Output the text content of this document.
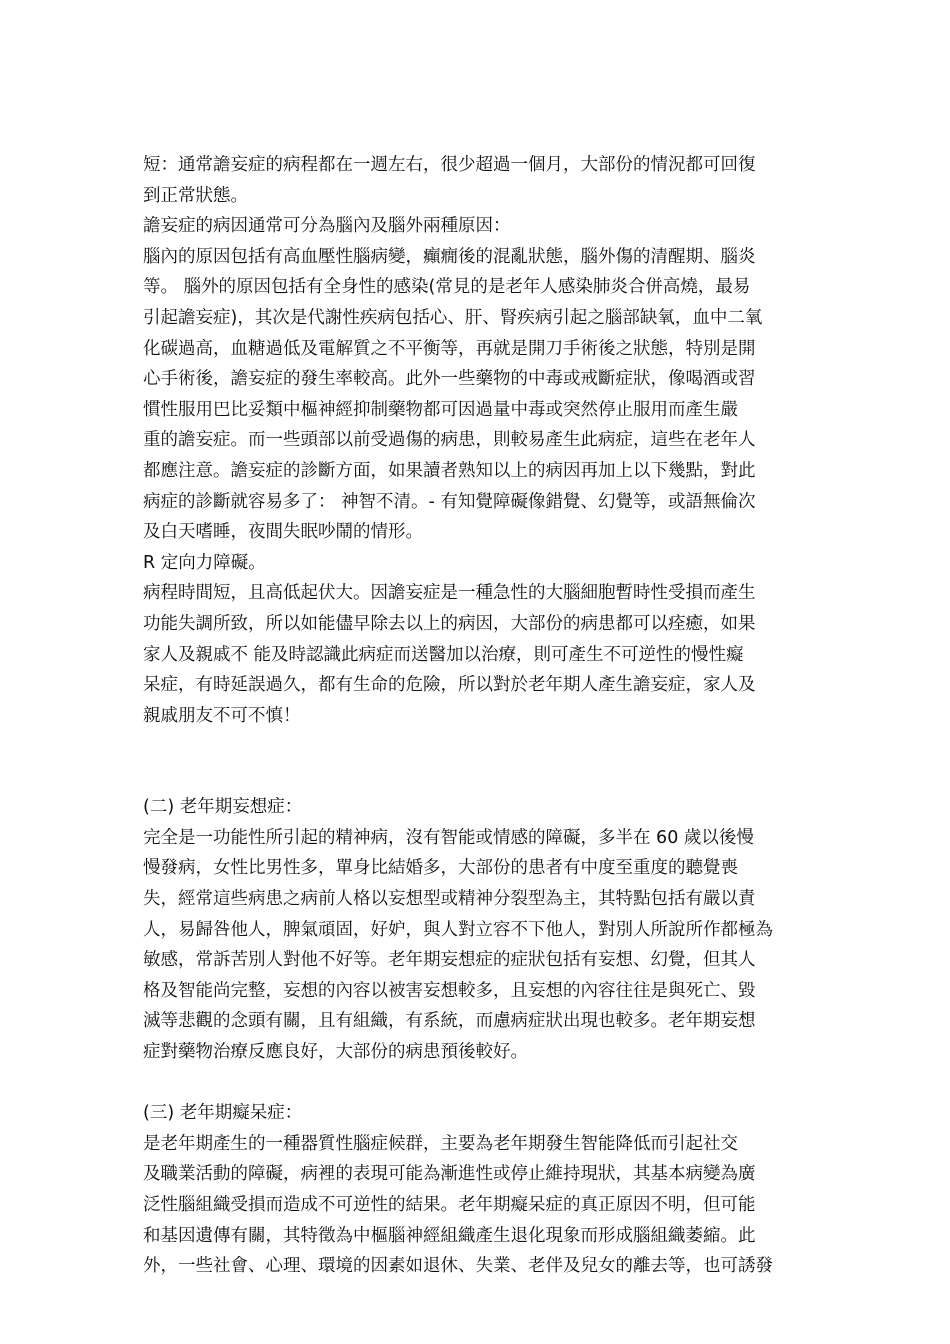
短：通常譫妄症的病程都在一週左右，很少超過一個月，大部份的情況都可回復
到正常狀態。
譫妄症的病因通常可分為腦內及腦外兩種原因：
腦內的原因包括有高血壓性腦病變，癲癇後的混亂狀態，腦外傷的清醒期、腦炎
等。 腦外的原因包括有全身性的感染(常見的是老年人感染肺炎合併高燒，最易
引起譫妄症)，其次是代謝性疾病包括心、肝、腎疾病引起之腦部缺氧，血中二氧
化碳過高，血糖過低及電解質之不平衡等，再就是開刀手術後之狀態，特別是開
心手術後，譫妄症的發生率較高。此外一些藥物的中毒或戒斷症狀，像喝酒或習
慣性服用巴比妥類中樞神經抑制藥物都可因過量中毒或突然停止服用而產生嚴
重的譫妄症。而一些頭部以前受過傷的病患，則較易產生此病症，這些在老年人
都應注意。譫妄症的診斷方面，如果讀者熟知以上的病因再加上以下幾點，對此
病症的診斷就容易多了： 神智不清。- 有知覺障礙像錯覺、幻覺等，或語無倫次
及白天嗜睡，夜間失眠吵鬧的情形。
R 定向力障礙。
病程時間短，且高低起伏大。因譫妄症是一種急性的大腦細胞暫時性受損而產生
功能失調所致，所以如能儘早除去以上的病因，大部份的病患都可以痊癒，如果
家人及親戚不 能及時認識此病症而送醫加以治療，則可產生不可逆性的慢性癡
呆症，有時延誤過久，都有生命的危險，所以對於老年期人產生譫妄症，家人及
親戚朋友不可不慎！
(二) 老年期妄想症：
完全是一功能性所引起的精神病，沒有智能或情感的障礙，多半在 60 歲以後慢
慢發病，女性比男性多，單身比結婚多，大部份的患者有中度至重度的聽覺喪
失，經常這些病患之病前人格以妄想型或精神分裂型為主，其特點包括有嚴以責
人，易歸咎他人，脾氣頑固，好妒，與人對立容不下他人，對別人所說所作都極為
敏感，常訴苦別人對他不好等。老年期妄想症的症狀包括有妄想、幻覺，但其人
格及智能尚完整，妄想的內容以被害妄想較多，且妄想的內容往往是與死亡、毀
滅等悲觀的念頭有關，且有組織，有系統，而慮病症狀出現也較多。老年期妄想
症對藥物治療反應良好，大部份的病患預後較好。
(三) 老年期癡呆症：
是老年期產生的一種器質性腦症候群，主要為老年期發生智能降低而引起社交
及職業活動的障礙，病裡的表現可能為漸進性或停止維持現狀，其基本病變為廣
泛性腦組織受損而造成不可逆性的結果。老年期癡呆症的真正原因不明，但可能
和基因遺傳有關，其特徵為中樞腦神經組織產生退化現象而形成腦組織萎縮。此
外，一些社會、心理、環境的因素如退休、失業、老伴及兒女的離去等，也可誘發
